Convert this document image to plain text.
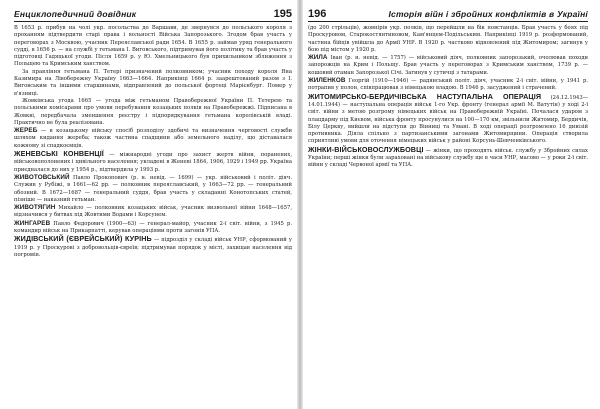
Енциклопедичний довідник	195

В 1653 р. прибув на чолі укр. посольства до Варшави, де звернувся до польського короля з проханням підтвердити старі права і вольності Війська Запорозького. Згодом брав участь у переговорах з Москвою, учасник Переяславської ради 1654. В 1655 р. займав уряд генерального судді, в 1656 р. — на службі у гетьмана І. Виговського, підтримував його політику та брав участь у підготовці Гадяцької угоди. Після 1659 р. у Ю. Хмельницького був прихильником зближення з Польщею та Кримським ханством.

За правління гетьмана П. Тетері призначений полковником; учасник походу короля Яна Казимира на Лівобережну Україну 1663—1664. Наприкінці 1664 р. заарештований разом з І. Виговським та іншими старшинами, відправлений до польської фортеці Марієнбург. Помер у в'язниці.

Жовківська угода 1665 — угода між гетьманом Правобережної України П. Тетерею та польськими комісарами про умови перебування козацьких полків на Правобережжі. Підписана в Жовкві, передбачала зменшення реєстру і підпорядкування гетьмана королівській владі. Практично не була реалізована.

ЖЕРЕБ — в козацькому війську спосіб розподілу здобичі та визначення черговості служби шляхом кидання жереба; також частина спадщини або земельного наділу, що діставалася кожному зі спадкоємців.

ЖЕНЕВСЬКІ КОНВЕНЦІЇ — міжнародні угоди про захист жертв війни, поранених, військовополонених і цивільного населення; укладені в Женеві 1864, 1906, 1929 і 1949 рр. Україна приєдналася до них у 1954 р., підтвердила у 1993 р.

ЖИВОТОВСЬКИЙ Павло Прокопович (р. н. невід. — 1699) — укр. військовий і політ. діяч. Служив у Рубіжі, в 1661—62 рр. — полковник переяславський, у 1663—72 рр. — генеральний обозний. В 1672—1687 — генеральний суддя, брав участь у складанні Конотопських статей, пізніше — наказний гетьман.

ЖИВОТЯГИН Михайло — полковник козацьких військ, учасник визвольної війни 1648—1657, відзначився у битвах під Жовтими Водами і Корсунем.

ЖИНГАРЕВ Павло Федорович (1900—63) — генерал-майор, учасник 2-ї світ. війни, з 1945 р. командир військ на Прикарпатті, керував операціями проти загонів УПА.

ЖИДІВСЬКИЙ (ЄВРЕЙСЬКИЙ) КУРІНЬ — підрозділ у складі військ УНР, сформований у 1919 р. у Проскурові з добровольців-євреїв; підтримував порядок у місті, захищав населення від погромів.

196	Історія війн і збройних конфліктів в Україні

(до 200 стрільців), жовнірів укр. полків, що перейшли на бік повстанців. Брав участь у боях під Проскуровом, Старокостянтиновом, Кам'янцем-Подільським. Наприкінці 1919 р. розформований, частина бійців увійшла до Армії УНР. В 1920 р. частково відновлений під Житомиром; загинув у бою під містом у 1920 р.

ЖИЛА Іван (р. н. невід. — 1757) — військовий діяч, полковник запорозький, очолював походи запорожців на Крим і Польщу. Брав участь у переговорах з Кримським ханством, 1739 р. — кошовий отаман Запорозької Січі. Загинув у сутичці з татарами.

ЖИЛЕНКОВ Георгій (1910—1946) — радянський політ. діяч, учасник 2-ї світ. війни, у 1941 р. потрапив у полон, співпрацював з німецькою владою. В 1946 р. засуджений і страчений.

ЖИТОМИРСЬКО-БЕРДИЧІВСЬКА НАСТУПАЛЬНА ОПЕРАЦІЯ (24.12.1943—14.01.1944) — наступальна операція військ 1-го Укр. фронту (генерал армії М. Ватутін) у ході 2-ї світ. війни з метою розгрому німецьких військ на Правобережній Україні. Почалася ударом з плацдарму під Києвом, війська фронту просунулися на 100—170 км, звільнили Житомир, Бердичів, Білу Церкву, вийшли на підступи до Вінниці та Умані. В ході операції розгромлено 16 дивізій противника. Діяла спільно з партизанськими загонами Житомирщини. Операція створила сприятливі умови для оточення німецьких військ у районі Корсунь-Шевченківського.

ЖІНКИ-ВІЙСЬКОВОСЛУЖБОВЦІ — жінки, що проходять військ. службу у Збройних силах України; перші жінки були зараховані на військову службу ще в часи УНР, масово — у роки 2-ї світ. війни у складі Червоної армії та УПА.
